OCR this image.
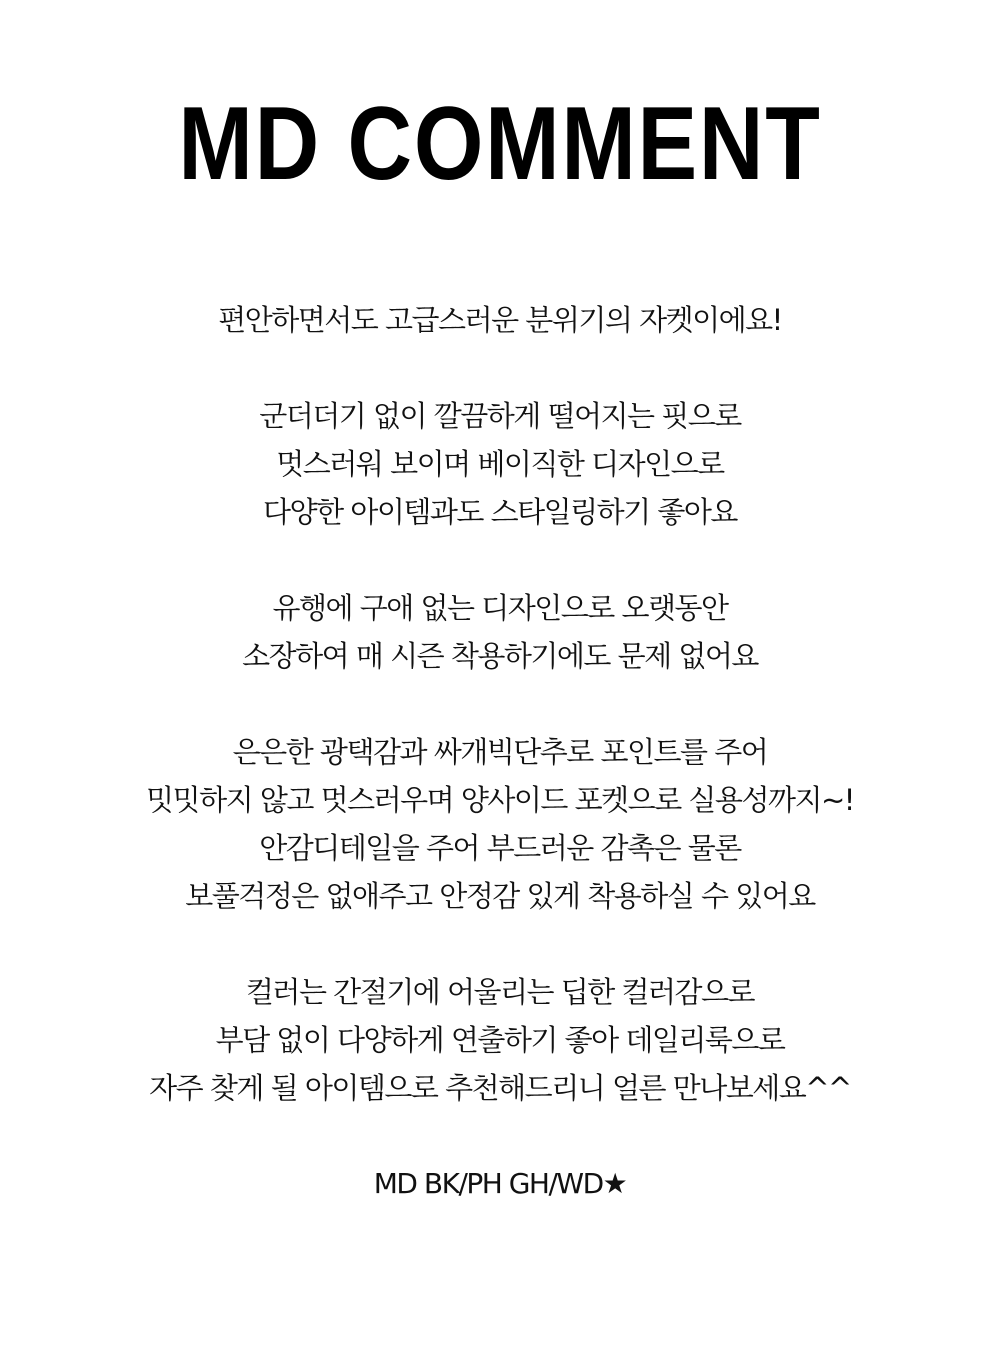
MD COMMENT
편안하면서도 고급스러운 분위기의 자켓이에요!
군더더기 없이 깔끔하게 떨어지는 핏으로
멋스러워 보이며 베이직한 디자인으로
다양한 아이템과도 스타일링하기 좋아요
유행에 구애 없는 디자인으로 오랫동안
소장하여 매 시즌 착용하기에도 문제 없어요
은은한 광택감과 싸개빅단추로 포인트를 주어
밋밋하지 않고 멋스러우며 양사이드 포켓으로 실용성까지~!
안감디테일을 주어 부드러운 감촉은 물론
보풀걱정은 없애주고 안정감 있게 착용하실 수 있어요
컬러는 간절기에 어울리는 딥한 컬러감으로
부담 없이 다양하게 연출하기 좋아 데일리룩으로
자주 찾게 될 아이템으로 추천해드리니 얼른 만나보세요^^
MD BK/PH GH/WD★
